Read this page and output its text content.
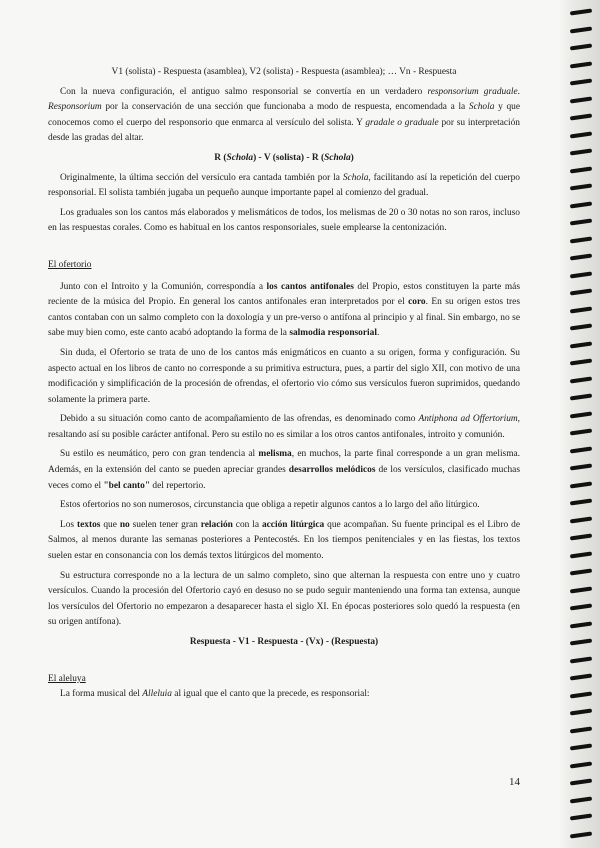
V1 (solista) - Respuesta (asamblea), V2 (solista) - Respuesta (asamblea); … Vn - Respuesta

Con la nueva configuración, el antiguo salmo responsorial se convertía en un verdadero responsorium graduale. Responsorium por la conservación de una sección que funcionaba a modo de respuesta, encomendada a la Schola y que conocemos como el cuerpo del responsorio que enmarca al versículo del solista. Y gradale o graduale por su interpretación desde las gradas del altar.

R (Schola) - V (solista) - R (Schola)

Originalmente, la última sección del versículo era cantada también por la Schola, facilitando así la repetición del cuerpo responsorial. El solista también jugaba un pequeño aunque importante papel al comienzo del gradual.

Los graduales son los cantos más elaborados y melismáticos de todos, los melismas de 20 o 30 notas no son raros, incluso en las respuestas corales. Como es habitual en los cantos responsoriales, suele emplearse la centonización.

El ofertorio

Junto con el Introito y la Comunión, correspondía a los cantos antifonales del Propio, estos constituyen la parte más reciente de la música del Propio. En general los cantos antifonales eran interpretados por el coro. En su origen estos tres cantos contaban con un salmo completo con la doxología y un pre-verso o antífona al principio y al final. Sin embargo, no se sabe muy bien como, este canto acabó adoptando la forma de la salmodia responsorial.

Sin duda, el Ofertorio se trata de uno de los cantos más enigmáticos en cuanto a su origen, forma y configuración. Su aspecto actual en los libros de canto no corresponde a su primitiva estructura, pues, a partir del siglo XII, con motivo de una modificación y simplificación de la procesión de ofrendas, el ofertorio vio cómo sus versículos fueron suprimidos, quedando solamente la primera parte.

Debido a su situación como canto de acompañamiento de las ofrendas, es denominado como Antiphona ad Offertorium, resaltando así su posible carácter antifonal. Pero su estilo no es similar a los otros cantos antifonales, introito y comunión.

Su estilo es neumático, pero con gran tendencia al melisma, en muchos, la parte final corresponde a un gran melisma. Además, en la extensión del canto se pueden apreciar grandes desarrollos melódicos de los versículos, clasificado muchas veces como el "bel canto" del repertorio.

Estos ofertorios no son numerosos, circunstancia que obliga a repetir algunos cantos a lo largo del año litúrgico.

Los textos que no suelen tener gran relación con la acción litúrgica que acompañan. Su fuente principal es el Libro de Salmos, al menos durante las semanas posteriores a Pentecostés. En los tiempos penitenciales y en las fiestas, los textos suelen estar en consonancia con los demás textos litúrgicos del momento.

Su estructura corresponde no a la lectura de un salmo completo, sino que alternan la respuesta con entre uno y cuatro versículos. Cuando la procesión del Ofertorio cayó en desuso no se pudo seguir manteniendo una forma tan extensa, aunque los versículos del Ofertorio no empezaron a desaparecer hasta el siglo XI. En épocas posteriores solo quedó la respuesta (en su origen antífona).

Respuesta - V1 - Respuesta - (Vx) - (Respuesta)

El aleluya

La forma musical del Alleluia al igual que el canto que la precede, es responsorial:

14
